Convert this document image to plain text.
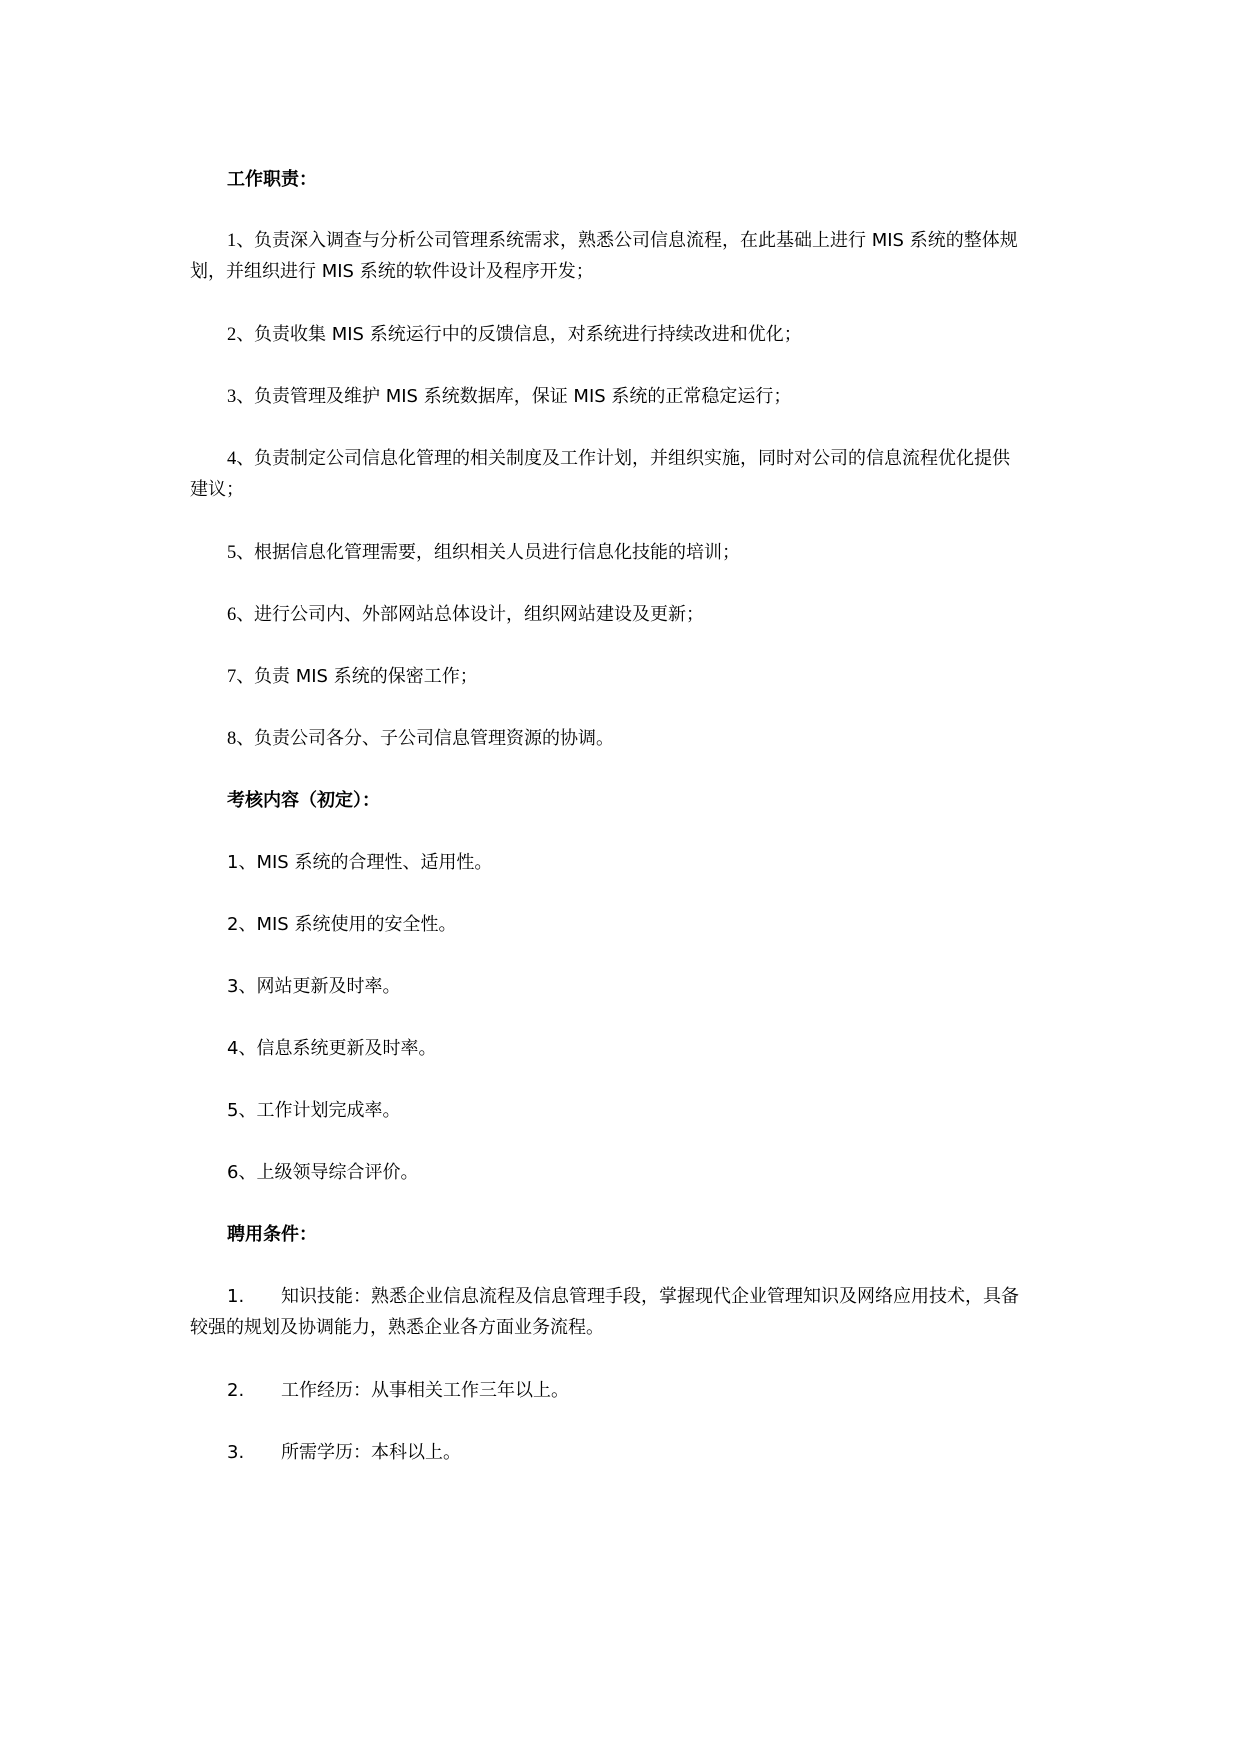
工作职责：
1、负责深入调查与分析公司管理系统需求，熟悉公司信息流程，在此基础上进行 MIS 系统的整体规
划，并组织进行 MIS 系统的软件设计及程序开发；
2、负责收集 MIS 系统运行中的反馈信息，对系统进行持续改进和优化；
3、负责管理及维护 MIS 系统数据库，保证 MIS 系统的正常稳定运行；
4、负责制定公司信息化管理的相关制度及工作计划，并组织实施，同时对公司的信息流程优化提供
建议；
5、根据信息化管理需要，组织相关人员进行信息化技能的培训；
6、进行公司内、外部网站总体设计，组织网站建设及更新；
7、负责 MIS 系统的保密工作；
8、负责公司各分、子公司信息管理资源的协调。
考核内容（初定）：
1、MIS 系统的合理性、适用性。
2、MIS 系统使用的安全性。
3、网站更新及时率。
4、信息系统更新及时率。
5、工作计划完成率。
6、上级领导综合评价。
聘用条件：
1. 知识技能：熟悉企业信息流程及信息管理手段，掌握现代企业管理知识及网络应用技术，具备
较强的规划及协调能力，熟悉企业各方面业务流程。
2. 工作经历：从事相关工作三年以上。
3. 所需学历：本科以上。
